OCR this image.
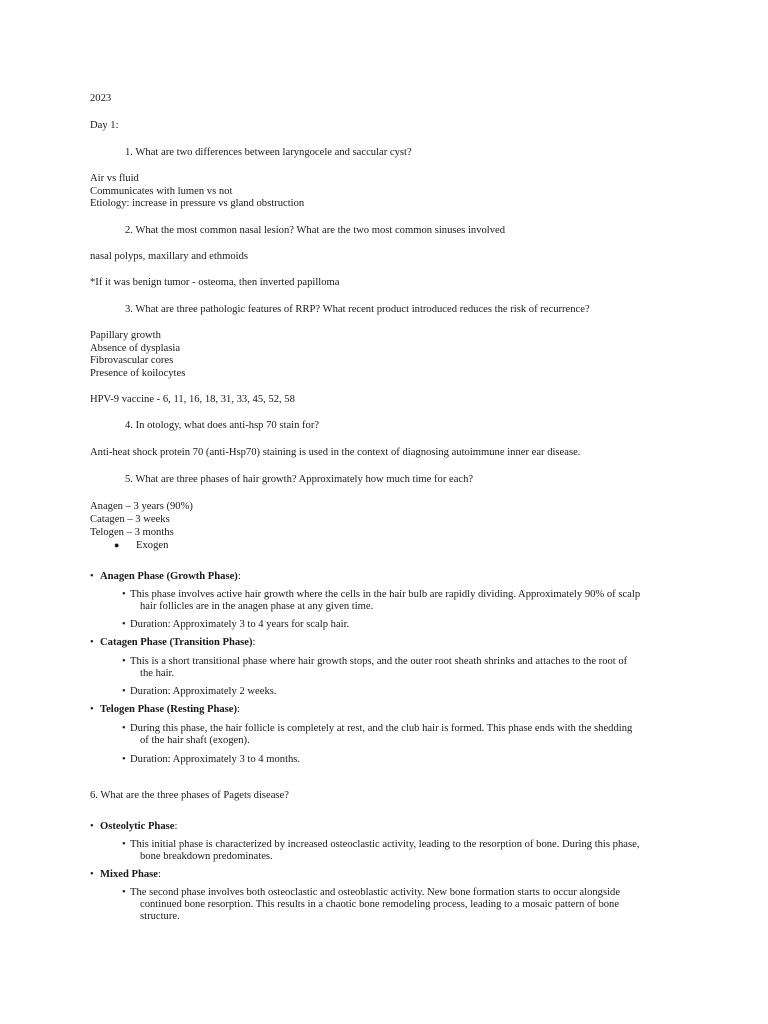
2023
Day 1:
1. What are two differences between laryngocele and saccular cyst?
Air vs fluid
Communicates with lumen vs not
Etiology: increase in pressure vs gland obstruction
2. What the most common nasal lesion? What are the two most common sinuses involved
nasal polyps, maxillary and ethmoids
*If it was benign tumor - osteoma, then inverted papilloma
3. What are three pathologic features of RRP? What recent product introduced reduces the risk of recurrence?
Papillary growth
Absence of dysplasia
Fibrovascular cores
Presence of koilocytes
HPV-9 vaccine - 6, 11, 16, 18, 31, 33, 45, 52, 58
4. In otology, what does anti-hsp 70 stain for?
Anti-heat shock protein 70 (anti-Hsp70) staining is used in the context of diagnosing autoimmune inner ear disease.
5. What are three phases of hair growth? Approximately how much time for each?
Anagen – 3 years (90%)
Catagen – 3 weeks
Telogen – 3 months
● Exogen
• Anagen Phase (Growth Phase):
• This phase involves active hair growth where the cells in the hair bulb are rapidly dividing. Approximately 90% of scalp
hair follicles are in the anagen phase at any given time.
• Duration: Approximately 3 to 4 years for scalp hair.
• Catagen Phase (Transition Phase):
• This is a short transitional phase where hair growth stops, and the outer root sheath shrinks and attaches to the root of
the hair.
• Duration: Approximately 2 weeks.
• Telogen Phase (Resting Phase):
• During this phase, the hair follicle is completely at rest, and the club hair is formed. This phase ends with the shedding
of the hair shaft (exogen).
• Duration: Approximately 3 to 4 months.
6. What are the three phases of Pagets disease?
• Osteolytic Phase:
• This initial phase is characterized by increased osteoclastic activity, leading to the resorption of bone. During this phase,
bone breakdown predominates.
• Mixed Phase:
• The second phase involves both osteoclastic and osteoblastic activity. New bone formation starts to occur alongside
continued bone resorption. This results in a chaotic bone remodeling process, leading to a mosaic pattern of bone
structure.
